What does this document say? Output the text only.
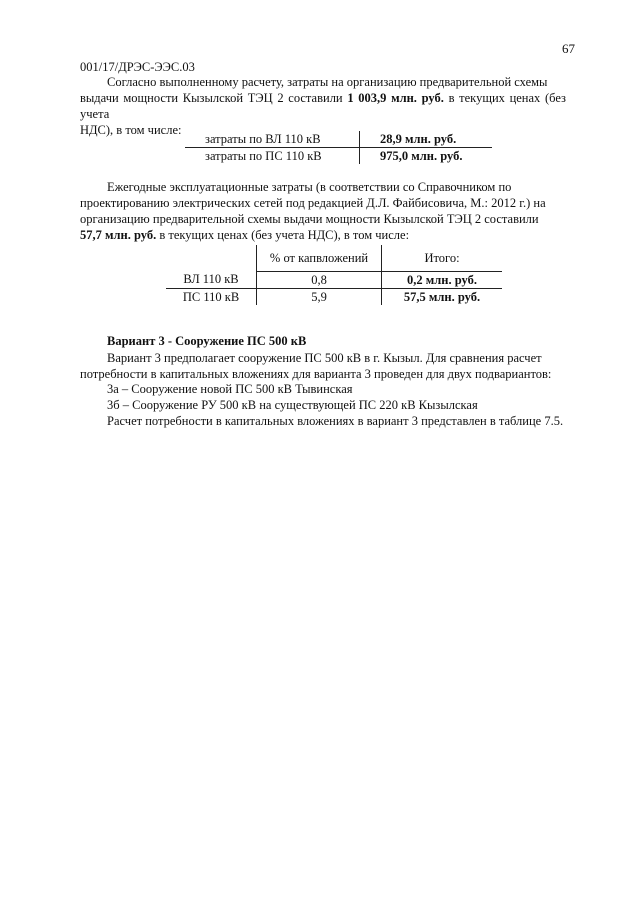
67
001/17/ДРЭС-ЭЭС.03
Согласно выполненному расчету, затраты на организацию предварительной схемы
выдачи мощности Кызылской ТЭЦ 2 составили 1 003,9 млн. руб. в текущих ценах (без учета
НДС), в том числе:
затраты по ВЛ 110 кВ	28,9 млн. руб.
затраты по ПС 110 кВ	975,0 млн. руб.
Ежегодные эксплуатационные затраты (в соответствии со Справочником по
проектированию электрических сетей под редакцией Д.Л. Файбисовича, М.: 2012 г.) на
организацию предварительной схемы выдачи мощности Кызылской ТЭЦ 2 составили
57,7 млн. руб. в текущих ценах (без учета НДС), в том числе:
	% от капвложений	Итого:
ВЛ 110 кВ	0,8	0,2 млн. руб.
ПС 110 кВ	5,9	57,5 млн. руб.
Вариант 3 - Сооружение ПС 500 кВ
Вариант 3 предполагает сооружение ПС 500 кВ в г. Кызыл. Для сравнения расчет
потребности в капитальных вложениях для варианта 3 проведен для двух подвариантов:
3а – Сооружение новой ПС 500 кВ Тывинская
3б – Сооружение РУ 500 кВ на существующей ПС 220 кВ Кызылская
Расчет потребности в капитальных вложениях в вариант 3 представлен в таблице 7.5.
